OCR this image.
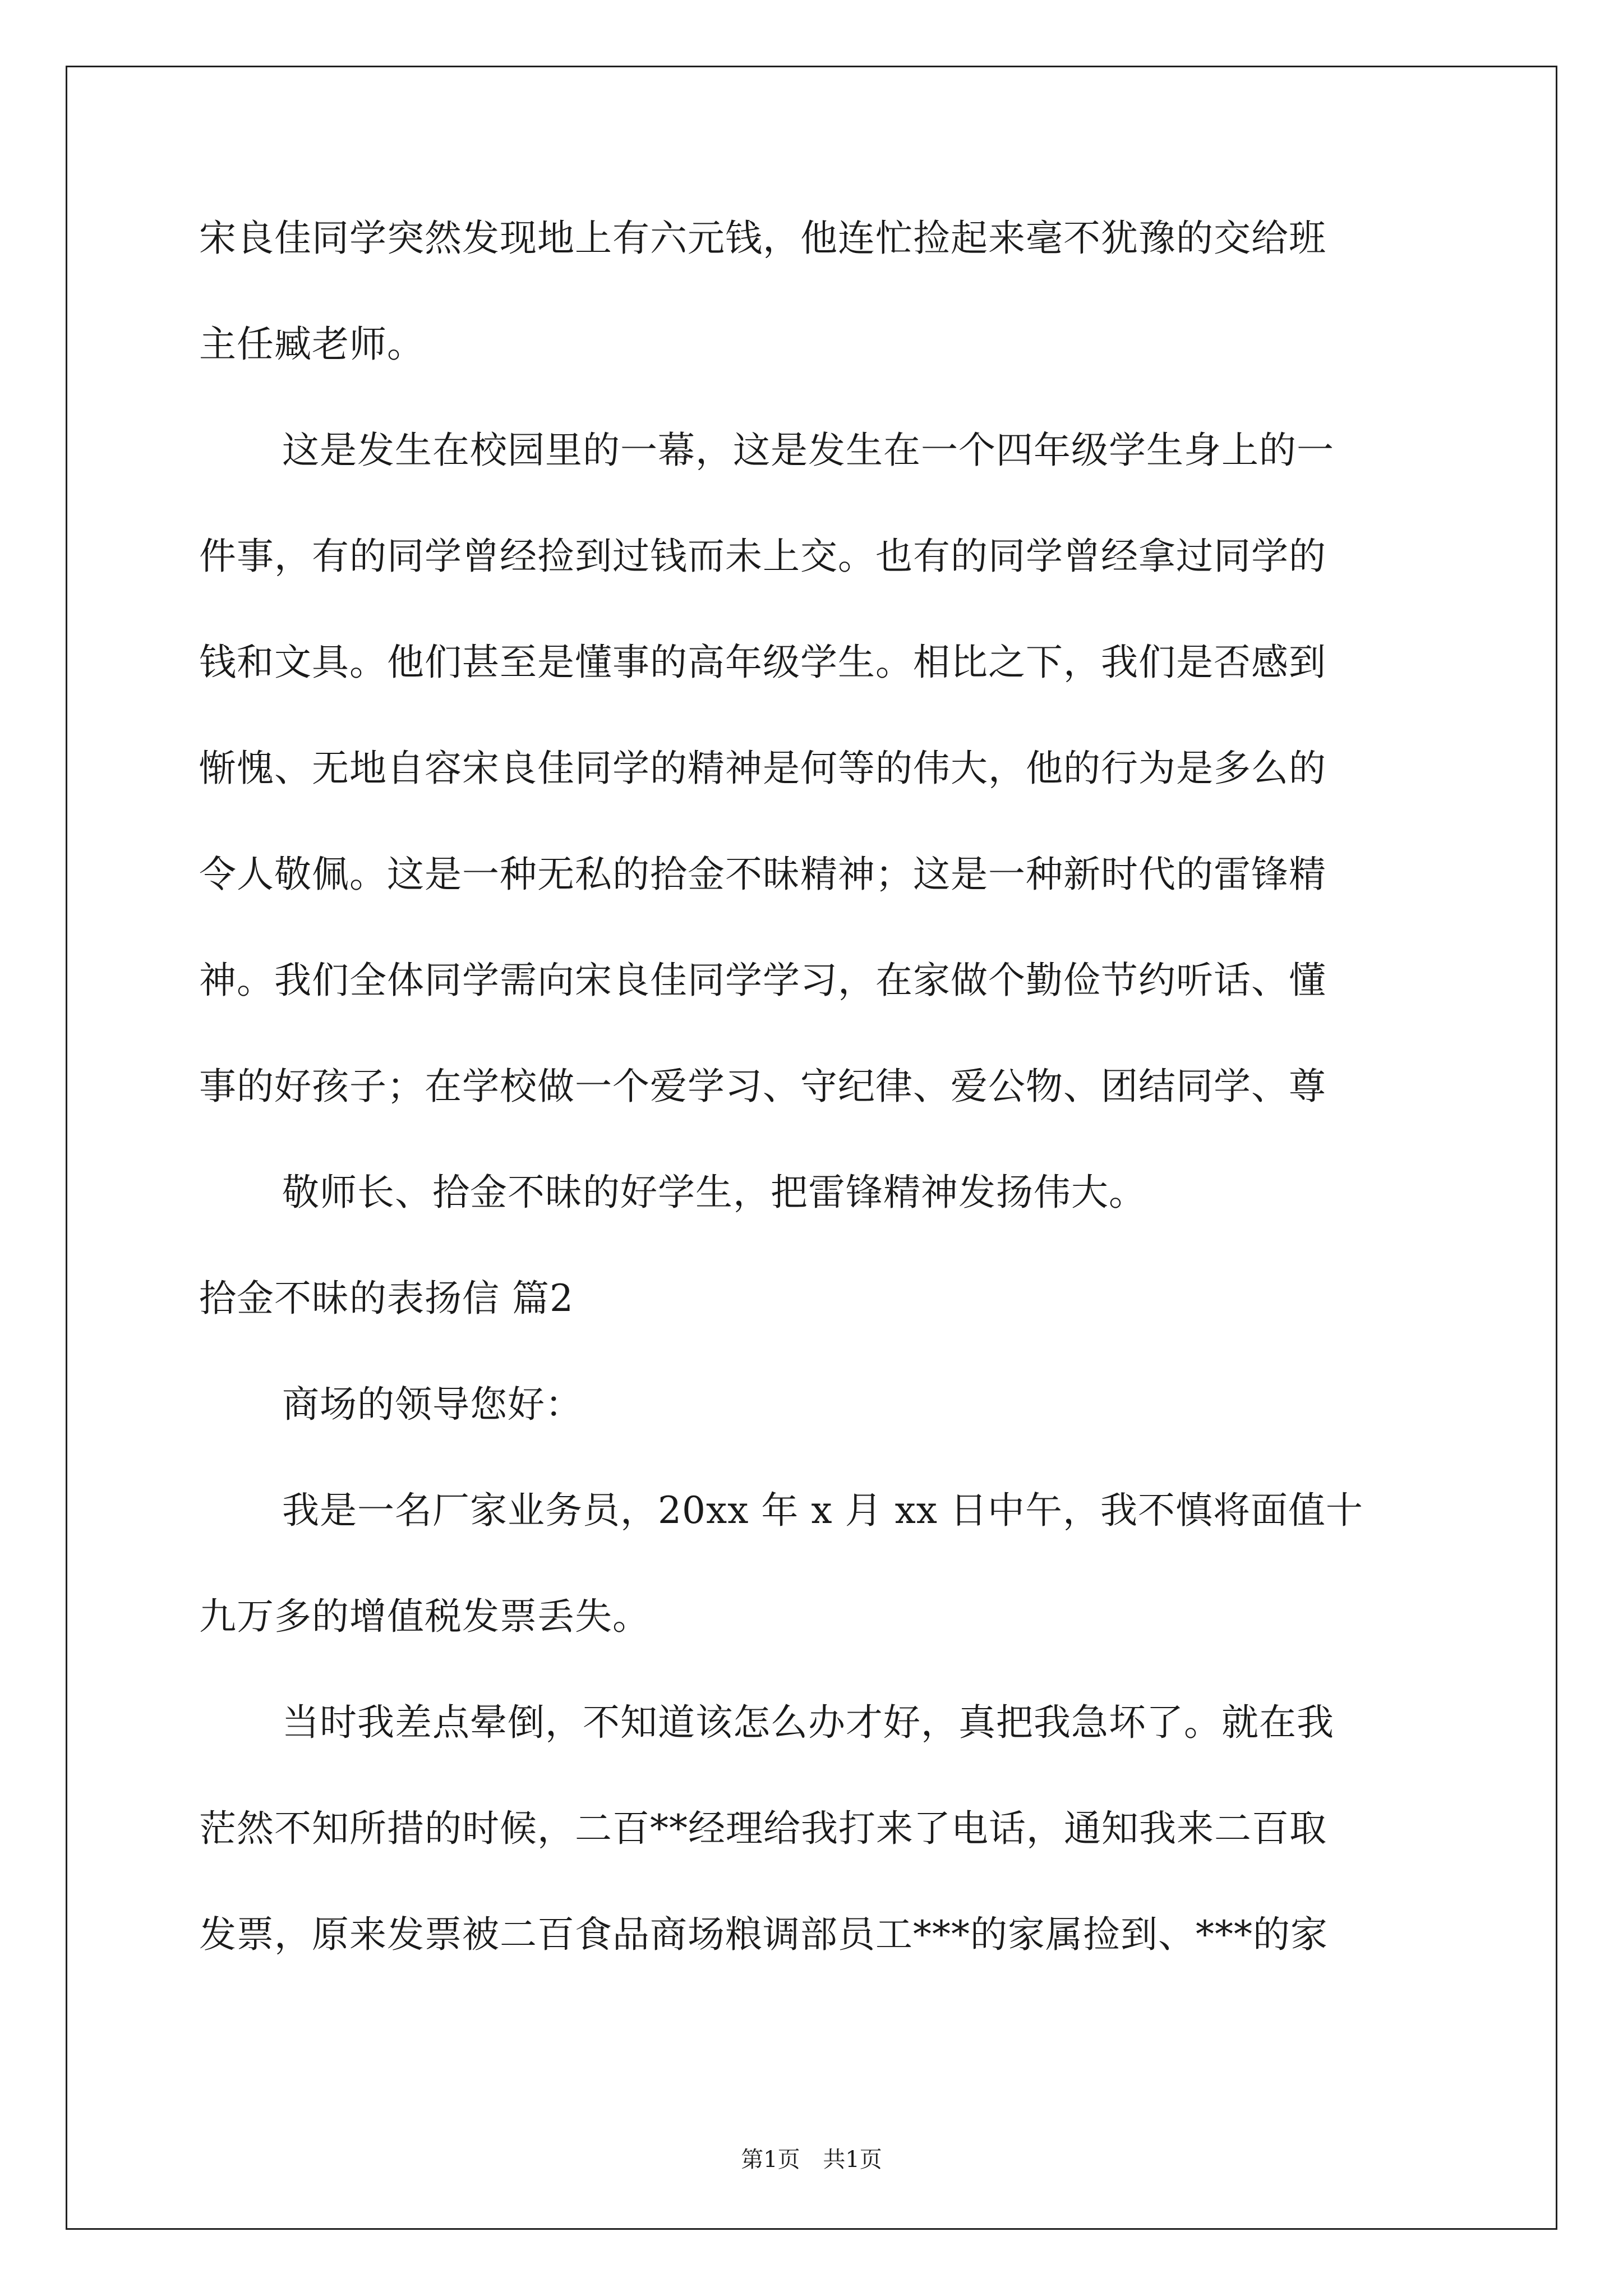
宋良佳同学突然发现地上有六元钱，他连忙捡起来毫不犹豫的交给班
主任臧老师。
这是发生在校园里的一幕，这是发生在一个四年级学生身上的一
件事，有的同学曾经捡到过钱而未上交。也有的同学曾经拿过同学的
钱和文具。他们甚至是懂事的高年级学生。相比之下，我们是否感到
惭愧、无地自容宋良佳同学的精神是何等的伟大，他的行为是多么的
令人敬佩。这是一种无私的拾金不昧精神；这是一种新时代的雷锋精
神。我们全体同学需向宋良佳同学学习，在家做个勤俭节约听话、懂
事的好孩子；在学校做一个爱学习、守纪律、爱公物、团结同学、尊
敬师长、拾金不昧的好学生，把雷锋精神发扬伟大。
拾金不昧的表扬信 篇2
商场的领导您好：
我是一名厂家业务员，20xx 年 x 月 xx 日中午，我不慎将面值十
九万多的增值税发票丢失。
当时我差点晕倒，不知道该怎么办才好，真把我急坏了。就在我
茫然不知所措的时候，二百**经理给我打来了电话，通知我来二百取
发票，原来发票被二百食品商场粮调部员工***的家属捡到、***的家
第1页 共1页
